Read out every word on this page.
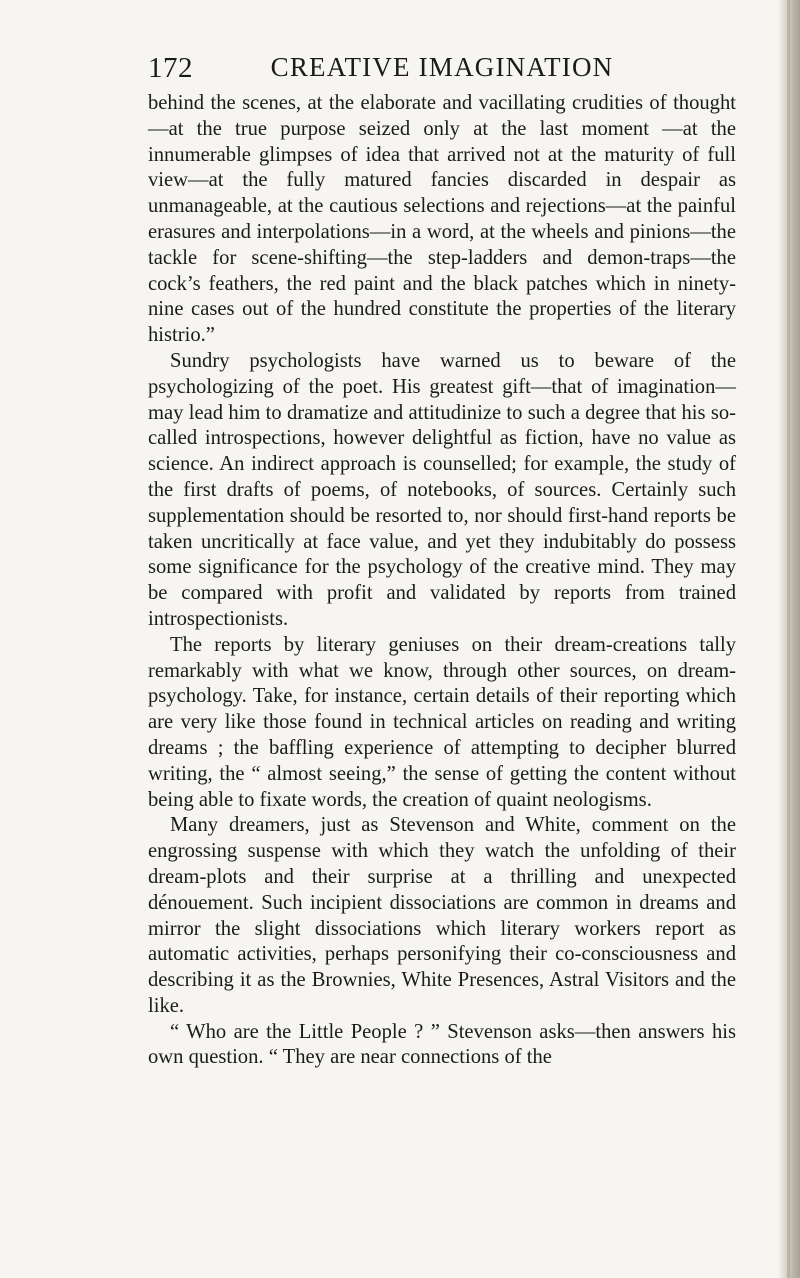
172	CREATIVE IMAGINATION

behind the scenes, at the elaborate and vacillating crudities of thought—at the true purpose seized only at the last moment —at the innumerable glimpses of idea that arrived not at the maturity of full view—at the fully matured fancies discarded in despair as unmanageable, at the cautious selections and rejections—at the painful erasures and interpolations—in a word, at the wheels and pinions—the tackle for scene-shifting—the step-ladders and demon-traps—the cock’s feathers, the red paint and the black patches which in ninety-nine cases out of the hundred constitute the properties of the literary histrio.”

Sundry psychologists have warned us to beware of the psychologizing of the poet. His greatest gift—that of imagination—may lead him to dramatize and attitudinize to such a degree that his so-called introspections, however delightful as fiction, have no value as science. An indirect approach is counselled; for example, the study of the first drafts of poems, of notebooks, of sources. Certainly such supplementation should be resorted to, nor should first-hand reports be taken uncritically at face value, and yet they indubitably do possess some significance for the psychology of the creative mind. They may be compared with profit and validated by reports from trained introspectionists.

The reports by literary geniuses on their dream-creations tally remarkably with what we know, through other sources, on dream-psychology. Take, for instance, certain details of their reporting which are very like those found in technical articles on reading and writing dreams ; the baffling experience of attempting to decipher blurred writing, the “ almost seeing,” the sense of getting the content without being able to fixate words, the creation of quaint neologisms.

Many dreamers, just as Stevenson and White, comment on the engrossing suspense with which they watch the unfolding of their dream-plots and their surprise at a thrilling and unexpected dénouement. Such incipient dissociations are common in dreams and mirror the slight dissociations which literary workers report as automatic activities, perhaps personifying their co-consciousness and describing it as the Brownies, White Presences, Astral Visitors and the like.

“ Who are the Little People ? ” Stevenson asks—then answers his own question. “ They are near connections of the
